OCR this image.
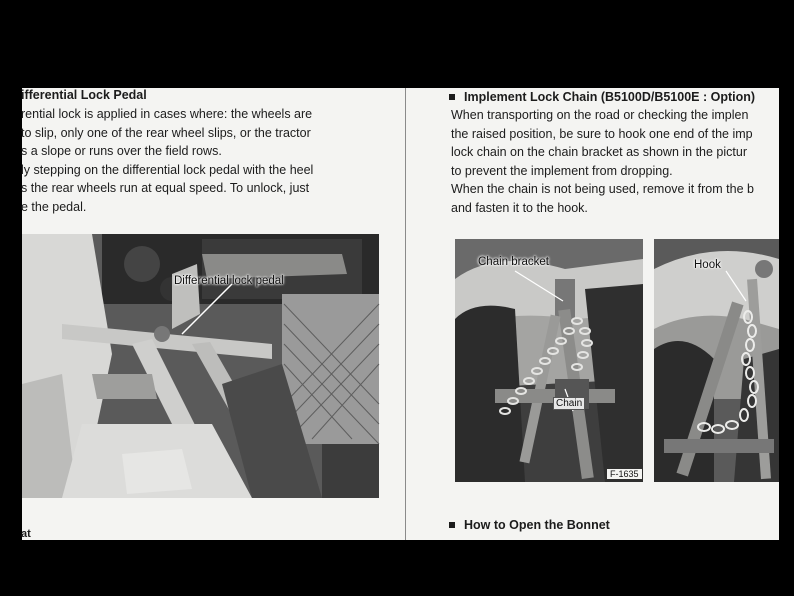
ifferential Lock Pedal
rential lock is applied in cases where: the wheels are
to slip, only one of the rear wheel slips, or the tractor
s a slope or runs over the field rows.
ly stepping on the differential lock pedal with the heel
s the rear wheels run at equal speed. To unlock, just
e the pedal.
Differential lock pedal
at
Implement Lock Chain (B5100D/B5100E : Option)
When transporting on the road or checking the implen
the raised position, be sure to hook one end of the imp
lock chain on the chain bracket as shown in the pictur
to prevent the implement from dropping.
When the chain is not being used, remove it from the b
and fasten it to the hook.
Chain bracket
Chain
F-1635
Hook
How to Open the Bonnet
